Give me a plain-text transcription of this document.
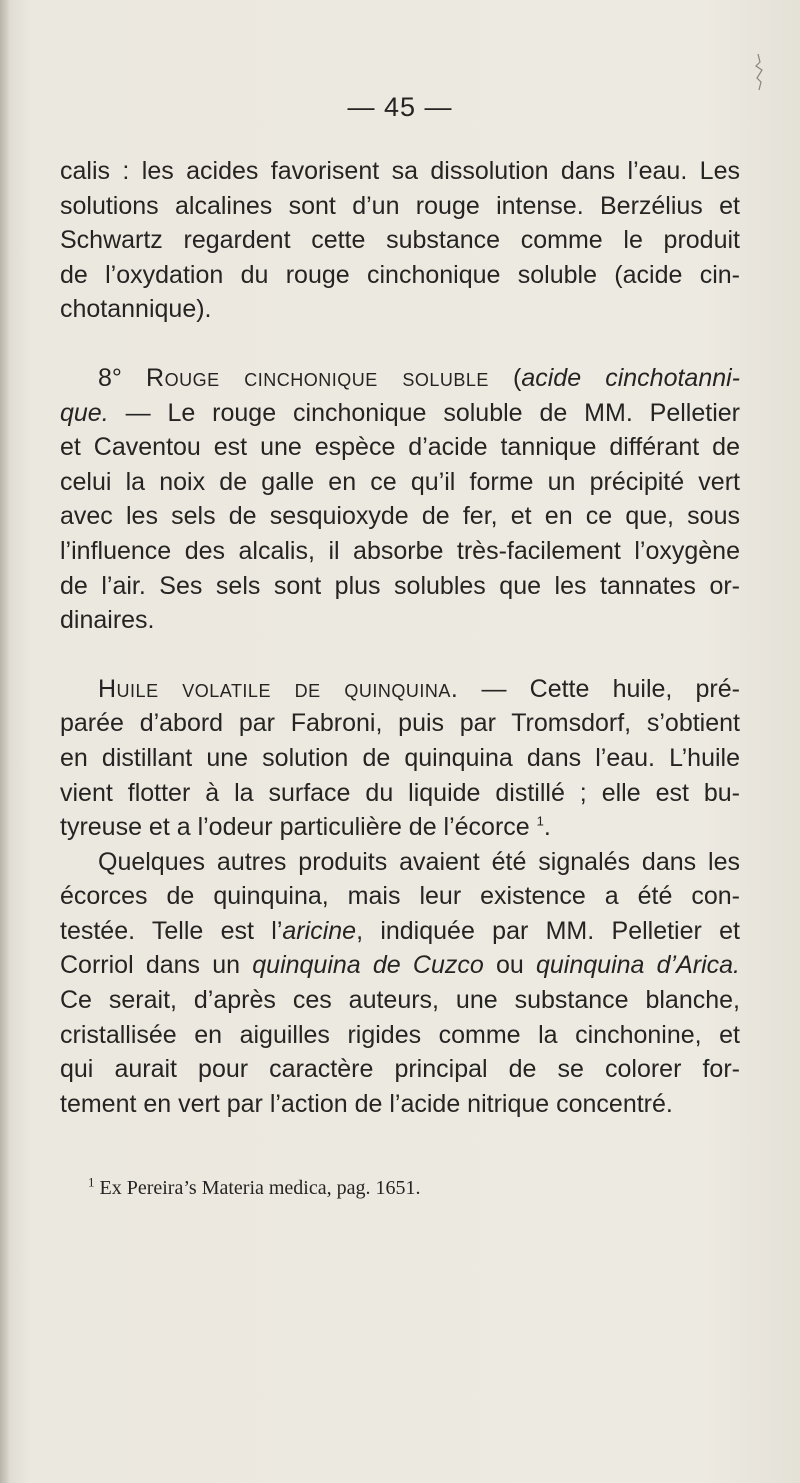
— 45 —
calis : les acides favorisent sa dissolution dans l’eau. Les
solutions alcalines sont d’un rouge intense. Berzélius et
Schwartz regardent cette substance comme le produit
de l’oxydation du rouge cinchonique soluble (acide cin-
chotannique).
8° Rouge cinchonique soluble (acide cinchotanni-
que. — Le rouge cinchonique soluble de MM. Pelletier
et Caventou est une espèce d’acide tannique différant de
celui la noix de galle en ce qu’il forme un précipité vert
avec les sels de sesquioxyde de fer, et en ce que, sous
l’influence des alcalis, il absorbe très-facilement l’oxygène
de l’air. Ses sels sont plus solubles que les tannates or-
dinaires.
Huile volatile de quinquina. — Cette huile, pré-
parée d’abord par Fabroni, puis par Tromsdorf, s’obtient
en distillant une solution de quinquina dans l’eau. L’huile
vient flotter à la surface du liquide distillé ; elle est bu-
tyreuse et a l’odeur particulière de l’écorce $^1$.
Quelques autres produits avaient été signalés dans les
écorces de quinquina, mais leur existence a été con-
testée. Telle est l’aricine, indiquée par MM. Pelletier et
Corriol dans un quinquina de Cuzco ou quinquina d’Arica.
Ce serait, d’après ces auteurs, une substance blanche,
cristallisée en aiguilles rigides comme la cinchonine, et
qui aurait pour caractère principal de se colorer for-
tement en vert par l’action de l’acide nitrique concentré.
$^1$ Ex Pereira’s Materia medica, pag. 1651.
